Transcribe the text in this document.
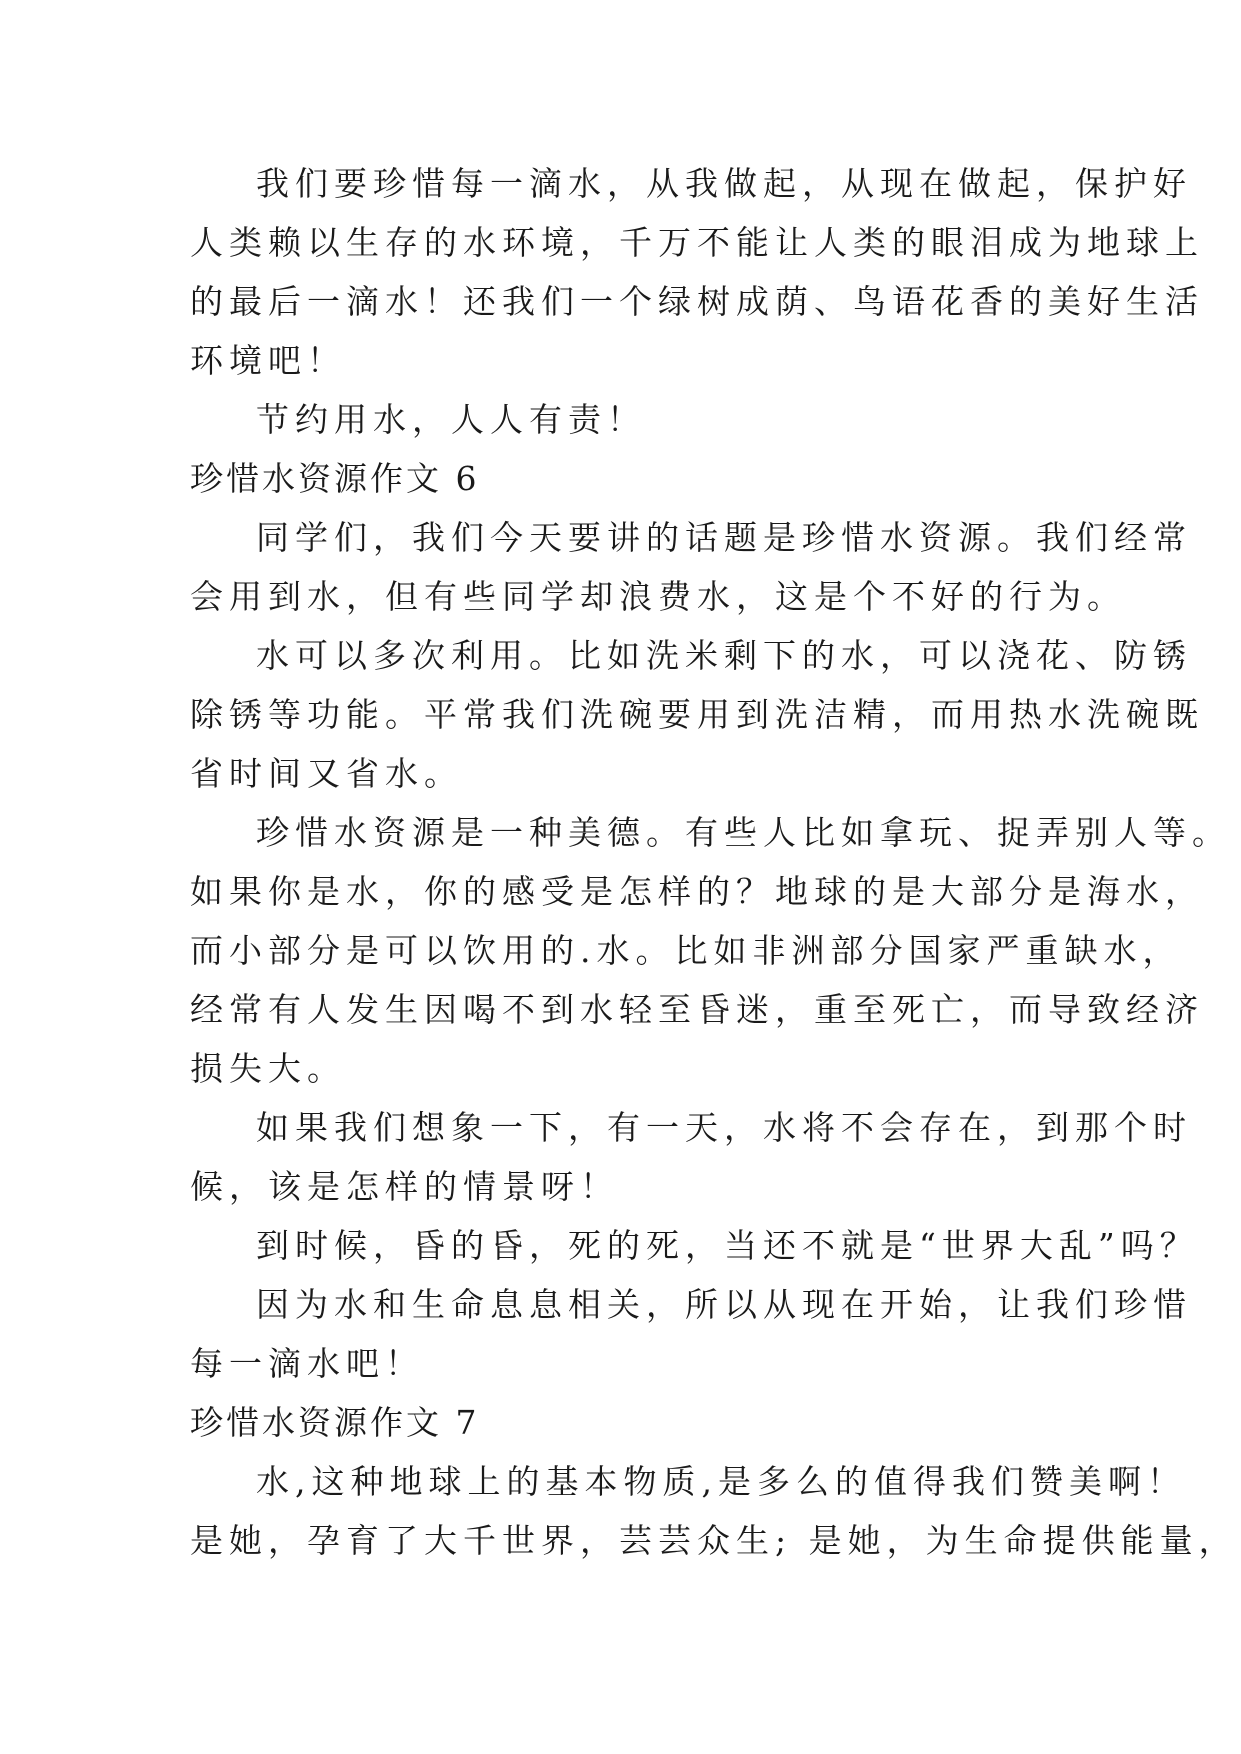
我们要珍惜每一滴水，从我做起，从现在做起，保护好

人类赖以生存的水环境，千万不能让人类的眼泪成为地球上

的最后一滴水！还我们一个绿树成荫、鸟语花香的美好生活

环境吧！

节约用水，人人有责！

珍惜水资源作文 6

同学们，我们今天要讲的话题是珍惜水资源。我们经常

会用到水，但有些同学却浪费水，这是个不好的行为。

水可以多次利用。比如洗米剩下的水，可以浇花、防锈

除锈等功能。平常我们洗碗要用到洗洁精，而用热水洗碗既

省时间又省水。

珍惜水资源是一种美德。有些人比如拿玩、捉弄别人等。

如果你是水，你的感受是怎样的？地球的是大部分是海水，

而小部分是可以饮用的.水。比如非洲部分国家严重缺水，

经常有人发生因喝不到水轻至昏迷，重至死亡，而导致经济

损失大。

如果我们想象一下，有一天，水将不会存在，到那个时

候，该是怎样的情景呀！

到时候，昏的昏，死的死，当还不就是“世界大乱”吗？

因为水和生命息息相关，所以从现在开始，让我们珍惜

每一滴水吧！

珍惜水资源作文 7

水,这种地球上的基本物质,是多么的值得我们赞美啊！

是她，孕育了大千世界，芸芸众生; 是她，为生命提供能量，
